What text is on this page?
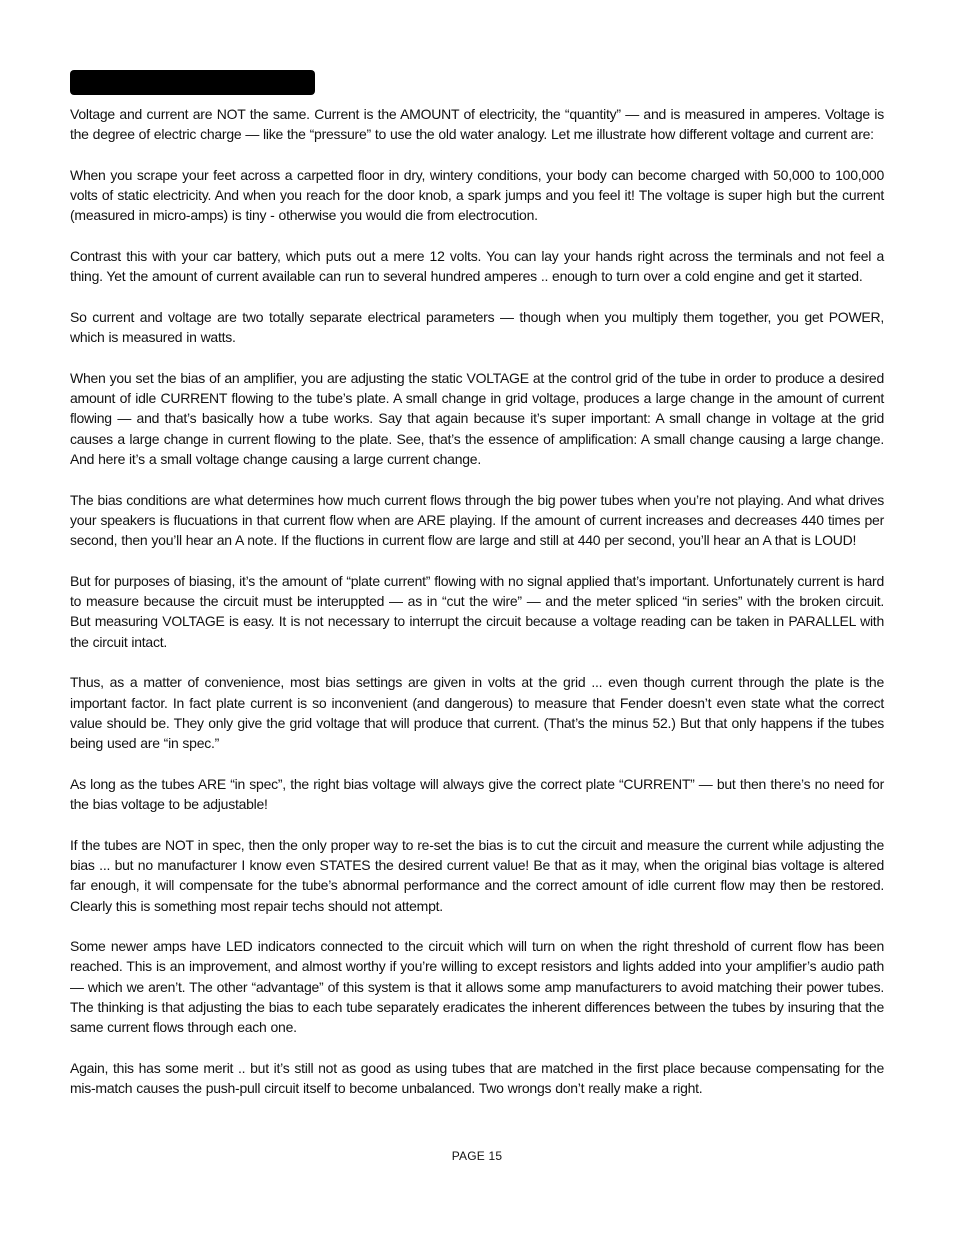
Voltage and current are NOT the same. Current is the AMOUNT of electricity, the “quantity” — and is measured in amperes. Voltage is the degree of electric charge — like the “pressure” to use the old water analogy. Let me illustrate how different voltage and current are:

When you scrape your feet across a carpetted floor in dry, wintery conditions, your body can become charged with 50,000 to 100,000 volts of static electricity. And when you reach for the door knob, a spark jumps and you feel it! The voltage is super high but the current (measured in micro-amps) is tiny - otherwise you would die from electrocution.

Contrast this with your car battery, which puts out a mere 12 volts. You can lay your hands right across the terminals and not feel a thing. Yet the amount of current available can run to several hundred amperes .. enough to turn over a cold engine and get it started.

So current and voltage are two totally separate electrical parameters — though when you multiply them together, you get POWER, which is measured in watts.

When you set the bias of an amplifier, you are adjusting the static VOLTAGE at the control grid of the tube in order to produce a desired amount of idle CURRENT flowing to the tube’s plate. A small change in grid voltage, produces a large change in the amount of current flowing — and that’s basically how a tube works. Say that again because it’s super important: A small change in voltage at the grid causes a large change in current flowing to the plate. See, that’s the essence of amplification: A small change causing a large change. And here it’s a small voltage change causing a large current change.

The bias conditions are what determines how much current flows through the big power tubes when you’re not playing. And what drives your speakers is flucuations in that current flow when are ARE playing. If the amount of current increases and decreases 440 times per second, then you’ll hear an A note. If the fluctions in current flow are large and still at 440 per second, you’ll hear an A that is LOUD!

But for purposes of biasing, it’s the amount of “plate current” flowing with no signal applied that’s important. Unfortunately current is hard to measure because the circuit must be interuppted — as in “cut the wire” — and the meter spliced “in series” with the broken circuit. But measuring VOLTAGE is easy. It is not necessary to interrupt the circuit because a voltage reading can be taken in PARALLEL with the circuit intact.

Thus, as a matter of convenience, most bias settings are given in volts at the grid ... even though current through the plate is the important factor. In fact plate current is so inconvenient (and dangerous) to measure that Fender doesn’t even state what the correct value should be. They only give the grid voltage that will produce that current. (That’s the minus 52.) But that only happens if the tubes being used are “in spec.”

As long as the tubes ARE “in spec”, the right bias voltage will always give the correct plate “CURRENT” — but then there’s no need for the bias voltage to be adjustable!

If the tubes are NOT in spec, then the only proper way to re-set the bias is to cut the circuit and measure the current while adjusting the bias ... but no manufacturer I know even STATES the desired current value! Be that as it may, when the original bias voltage is altered far enough, it will compensate for the tube’s abnormal performance and the correct amount of idle current flow may then be restored. Clearly this is something most repair techs should not attempt.

Some newer amps have LED indicators connected to the circuit which will turn on when the right threshold of current flow has been reached. This is an improvement, and almost worthy if you’re willing to except resistors and lights added into your amplifier’s audio path — which we aren’t. The other “advantage” of this system is that it allows some amp manufacturers to avoid matching their power tubes. The thinking is that adjusting the bias to each tube separately eradicates the inherent differences between the tubes by insuring that the same current flows through each one.

Again, this has some merit .. but it’s still not as good as using tubes that are matched in the first place because compensating for the mis-match causes the push-pull circuit itself to become unbalanced. Two wrongs don’t really make a right.

PAGE 15
